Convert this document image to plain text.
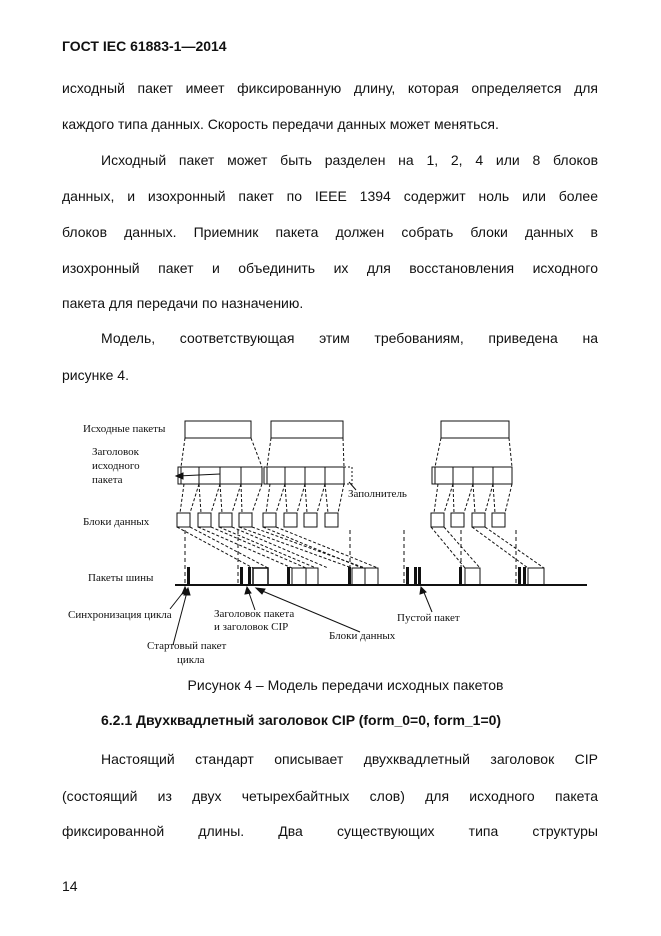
ГОСТ IEC 61883-1—2014
исходный пакет имеет фиксированную длину, которая определяется для
каждого типа данных. Скорость передачи данных может меняться.
Исходный пакет может быть разделен на 1, 2, 4 или 8 блоков
данных, и изохронный пакет по IEEE 1394 содержит ноль или более
блоков данных. Приемник пакета должен собрать блоки данных в
изохронный пакет и объединить их для восстановления исходного
пакета для передачи по назначению.
Модель, соответствующая этим требованиям, приведена на
рисунке 4.
Исходные пакеты
Заголовок
исходного
пакета
Заполнитель
Блоки данных
Пакеты шины
Синхронизация цикла	Заголовок пакета
и заголовок CIP
Пустой пакет
Блоки данных
Стартовый пакет
цикла
Рисунок 4 – Модель передачи исходных пакетов
6.2.1 Двухквадлетный заголовок CIP (form_0=0, form_1=0)
Настоящий стандарт описывает двухквадлетный заголовок CIP
(состоящий из двух четырехбайтных слов) для исходного пакета
фиксированной длины. Два существующих типа структуры
14
